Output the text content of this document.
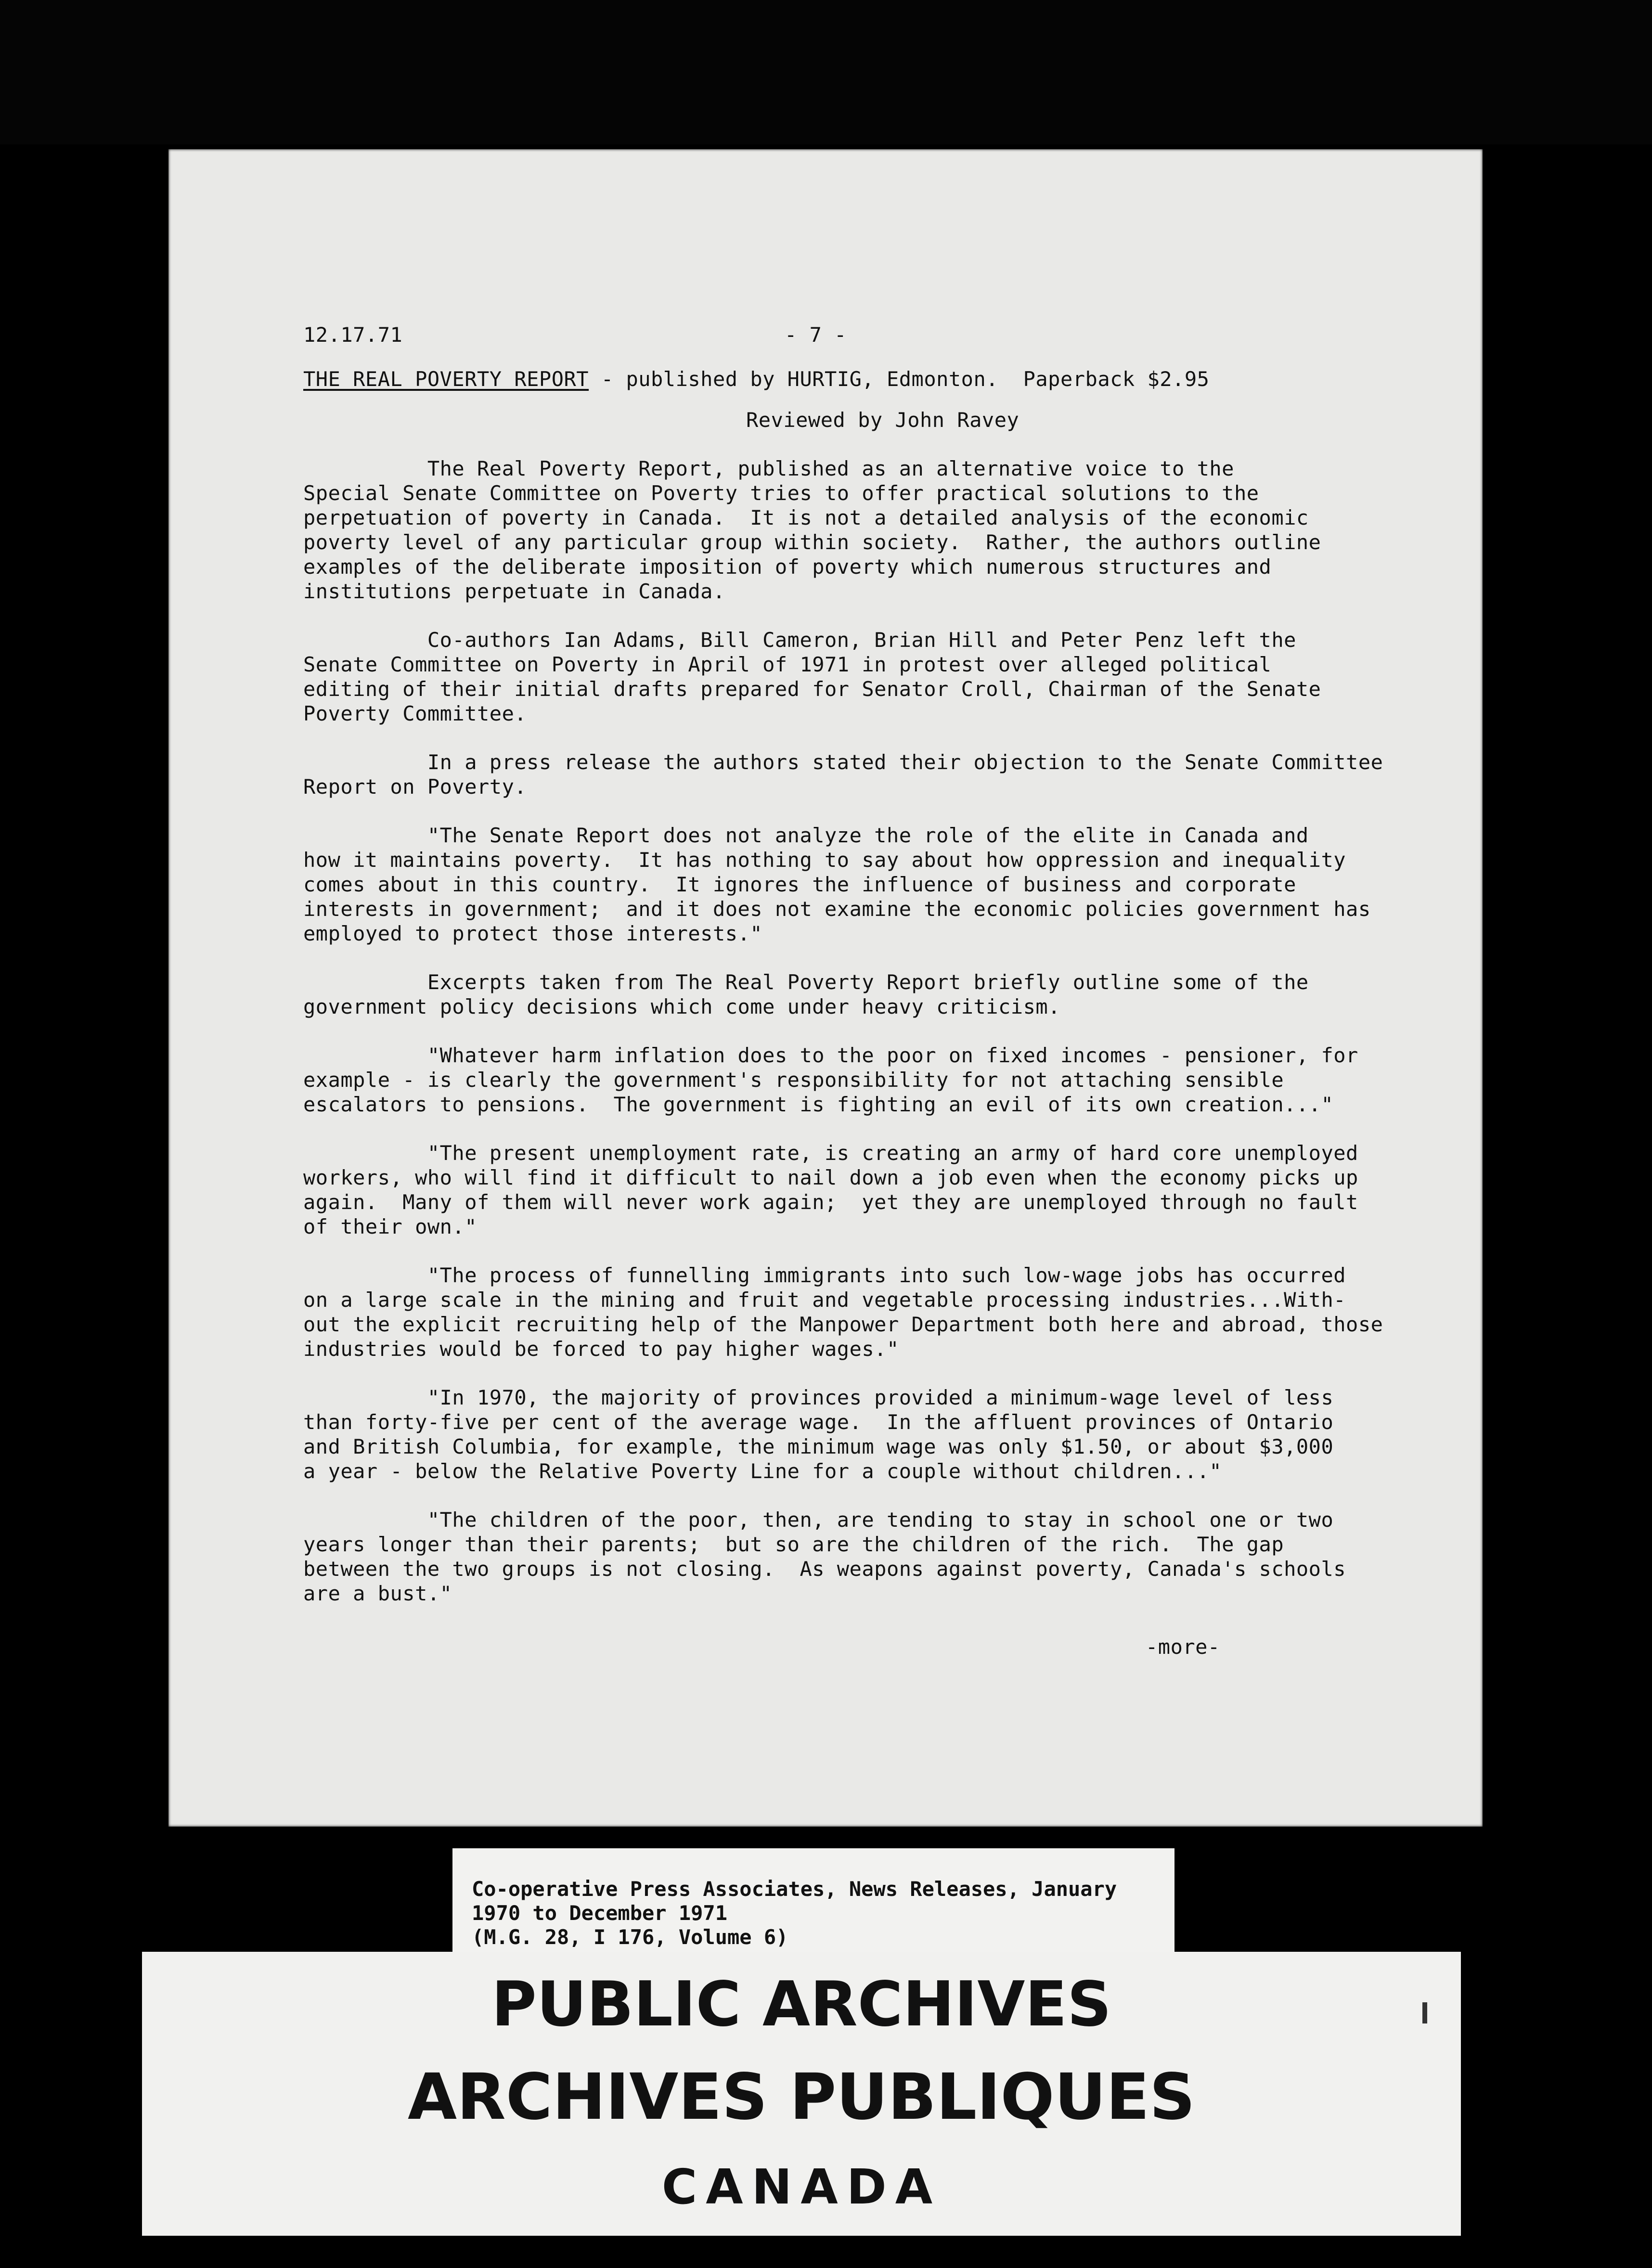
12.17.71	- 7 -
THE REAL POVERTY REPORT - published by HURTIG, Edmonton.  Paperback $2.95
Reviewed by John Ravey

The Real Poverty Report, published as an alternative voice to the
Special Senate Committee on Poverty tries to offer practical solutions to the
perpetuation of poverty in Canada.  It is not a detailed analysis of the economic
poverty level of any particular group within society.  Rather, the authors outline
examples of the deliberate imposition of poverty which numerous structures and
institutions perpetuate in Canada.

Co-authors Ian Adams, Bill Cameron, Brian Hill and Peter Penz left the
Senate Committee on Poverty in April of 1971 in protest over alleged political
editing of their initial drafts prepared for Senator Croll, Chairman of the Senate
Poverty Committee.

In a press release the authors stated their objection to the Senate Committee
Report on Poverty.

"The Senate Report does not analyze the role of the elite in Canada and
how it maintains poverty.  It has nothing to say about how oppression and inequality
comes about in this country.  It ignores the influence of business and corporate
interests in government;  and it does not examine the economic policies government has
employed to protect those interests."

Excerpts taken from The Real Poverty Report briefly outline some of the
government policy decisions which come under heavy criticism.

"Whatever harm inflation does to the poor on fixed incomes - pensioner, for
example - is clearly the government's responsibility for not attaching sensible
escalators to pensions.  The government is fighting an evil of its own creation..."

"The present unemployment rate, is creating an army of hard core unemployed
workers, who will find it difficult to nail down a job even when the economy picks up
again.  Many of them will never work again;  yet they are unemployed through no fault
of their own."

"The process of funnelling immigrants into such low-wage jobs has occurred
on a large scale in the mining and fruit and vegetable processing industries...With-
out the explicit recruiting help of the Manpower Department both here and abroad, those
industries would be forced to pay higher wages."

"In 1970, the majority of provinces provided a minimum-wage level of less
than forty-five per cent of the average wage.  In the affluent provinces of Ontario
and British Columbia, for example, the minimum wage was only $1.50, or about $3,000
a year - below the Relative Poverty Line for a couple without children..."

"The children of the poor, then, are tending to stay in school one or two
years longer than their parents;  but so are the children of the rich.  The gap
between the two groups is not closing.  As weapons against poverty, Canada's schools
are a bust."

-more-
Co-operative Press Associates, News Releases, January
1970 to December 1971
(M.G. 28, I 176, Volume 6)
PUBLIC ARCHIVES
ARCHIVES PUBLIQUES
CANADA
